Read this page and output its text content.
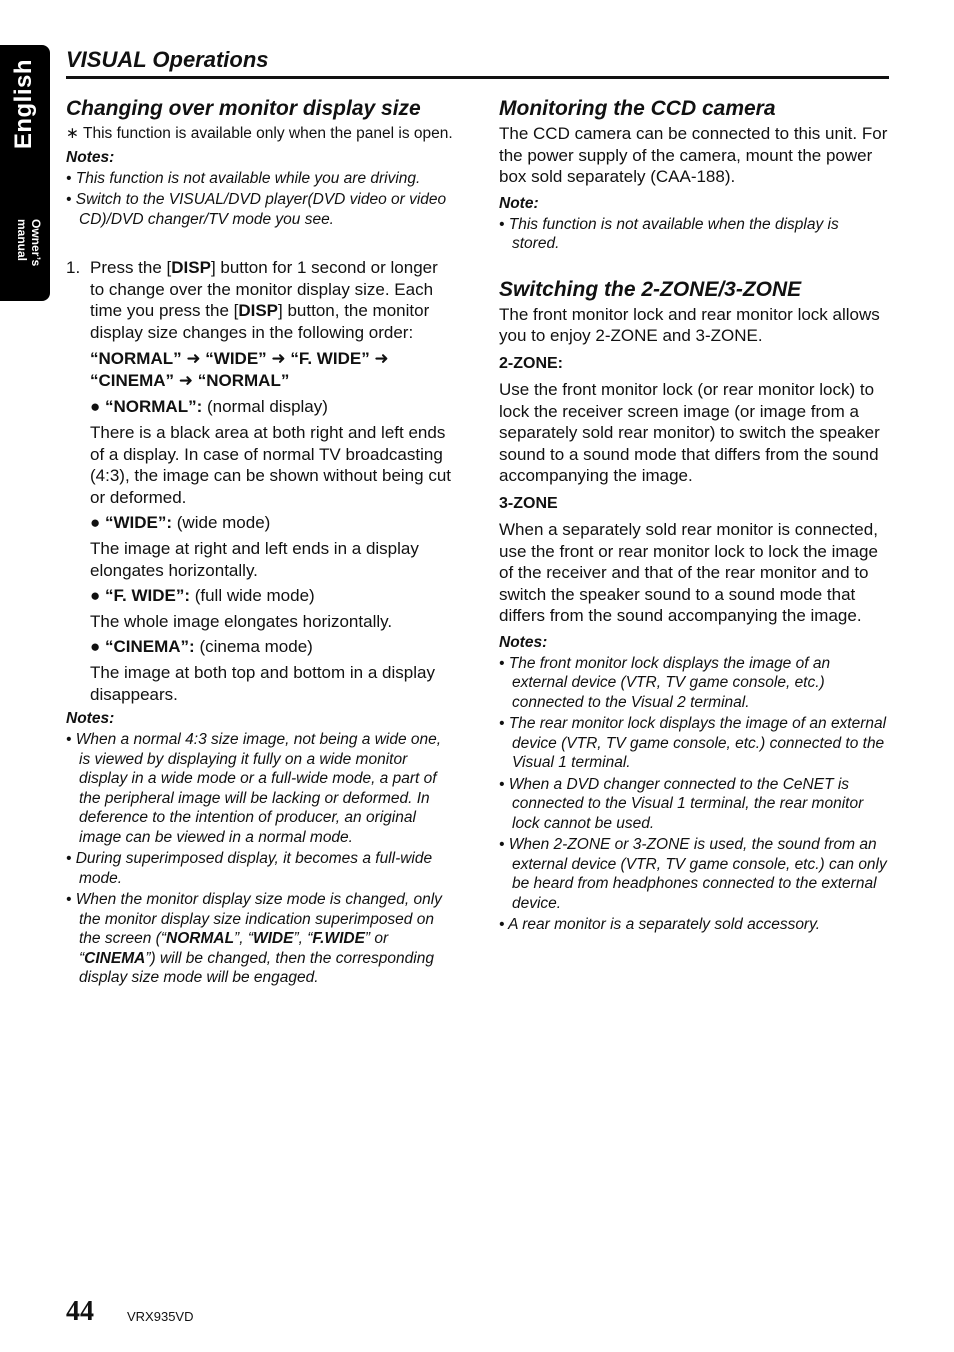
English
Owner’s manual
VISUAL Operations
Changing over monitor display size

∗ This function is available only when the panel is open.

Notes:
• This function is not available while you are driving.
• Switch to the VISUAL/DVD player(DVD video or video CD)/DVD changer/TV mode you see.
1. Press the [DISP] button for 1 second or longer to change over the monitor display size. Each time you press the [DISP] button, the monitor display size changes in the following order:
“NORMAL” ➜ “WIDE” ➜ “F. WIDE” ➜ “CINEMA” ➜ “NORMAL”
● “NORMAL”: (normal display)
There is a black area at both right and left ends of a display. In case of normal TV broadcasting (4:3), the image can be shown without being cut or deformed.
● “WIDE”: (wide mode)
The image at right and left ends in a display elongates horizontally.
● “F. WIDE”: (full wide mode)
The whole image elongates horizontally.
● “CINEMA”: (cinema mode)
The image at both top and bottom in a display disappears.
Notes:
• When a normal 4:3 size image, not being a wide one, is viewed by displaying it fully on a wide monitor display in a wide mode or a full-wide mode, a part of the peripheral image will be lacking or deformed. In deference to the intention of producer, an original image can be viewed in a normal mode.
• During superimposed display, it becomes a full-wide mode.
• When the monitor display size mode is changed, only the monitor display size indication superimposed on the screen (“NORMAL”, “WIDE”, “F.WIDE” or “CINEMA”) will be changed, then the corresponding display size mode will be engaged.
Monitoring the CCD camera

The CCD camera can be connected to this unit. For the power supply of the camera, mount the power box sold separately (CAA-188).

Note:
• This function is not available when the display is stored.
Switching the 2-ZONE/3-ZONE

The front monitor lock and rear monitor lock allows you to enjoy 2-ZONE and 3-ZONE.

2-ZONE:

Use the front monitor lock (or rear monitor lock) to lock the receiver screen image (or image from a separately sold rear monitor) to switch the speaker sound to a sound mode that differs from the sound accompanying the image.

3-ZONE

When a separately sold rear monitor is connected, use the front or rear monitor lock to lock the image of the receiver and that of the rear monitor and to switch the speaker sound to a sound mode that differs from the sound accompanying the image.

Notes:
• The front monitor lock displays the image of an external device (VTR, TV game console, etc.) connected to the Visual 2 terminal.
• The rear monitor lock displays the image of an external device (VTR, TV game console, etc.) connected to the Visual 1 terminal.
• When a DVD changer connected to the CeNET is connected to the Visual 1 terminal, the rear monitor lock cannot be used.
• When 2-ZONE or 3-ZONE is used, the sound from an external device (VTR, TV game console, etc.) can only be heard from headphones connected to the external device.
• A rear monitor is a separately sold accessory.
44	VRX935VD
